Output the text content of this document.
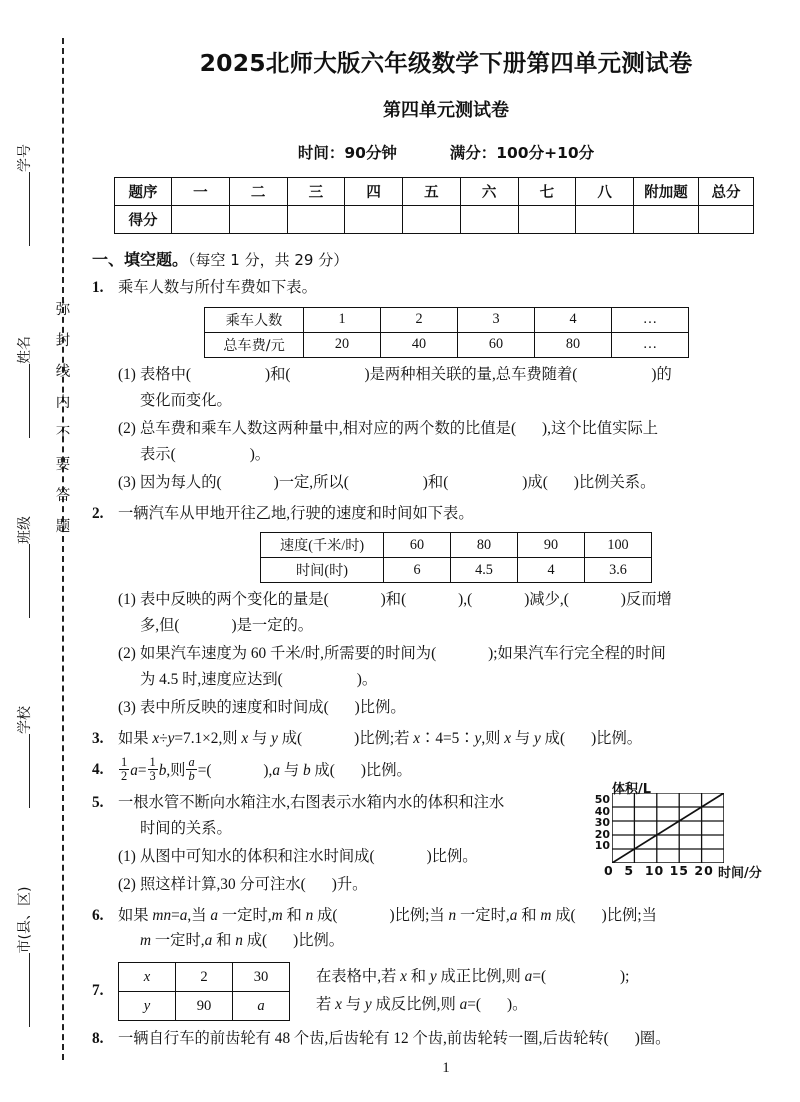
弥
封
线
内
不
要
答
题
学号
姓名
班级
学校
市(县、区)
2025北师大版六年级数学下册第四单元测试卷
第四单元测试卷
时间：90分钟	满分：100分+10分
题序	一	二	三	四	五	六	七	八	附加题	总分
得分										
一、填空题。（每空 1 分，共 29 分）
1. 乘车人数与所付车费如下表。
乘车人数	1	2	3	4	…
总车费/元	20	40	60	80	…
(1) 表格中(	)和(	)是两种相关联的量,总车费随着(	)的
变化而变化。
(2) 总车费和乘车人数这两种量中,相对应的两个数的比值是( ),这个比值实际上
表示(	)。
(3) 因为每人的(	)一定,所以(	)和(	)成( )比例关系。
2. 一辆汽车从甲地开往乙地,行驶的速度和时间如下表。
速度(千米/时)	60	80	90	100
时间(时)	6	4.5	4	3.6
(1) 表中反映的两个变化的量是(	)和(	),(	)减少,(	)反而增
多,但(	)是一定的。
(2) 如果汽车速度为 60 千米/时,所需要的时间为(	);如果汽车行完全程的时间
为 4.5 时,速度应达到(	)。
(3) 表中所反映的速度和时间成( )比例。
3. 如果 x÷y=7.1×2,则 x 与 y 成(	)比例;若 x∶4=5∶y,则 x 与 y 成( )比例。
4. $\frac{1}{2} a= \frac{1}{3} b$,则 $\frac{a}{b}$ =(	),a 与 b 成( )比例。
5. 一根水管不断向水箱注水,右图表示水箱内水的体积和注水
时间的关系。
(1) 从图中可知水的体积和注水时间成(	)比例。
(2) 照这样计算,30 分可注水( )升。
6. 如果 mn=a,当 a 一定时,m 和 n 成(	)比例;当 n 一定时,a 和 m 成( )比例;当
m 一定时,a 和 n 成( )比例。
7.
x	2	30
y	90	a
在表格中,若 x 和 y 成正比例,则 a=(	);
若 x 与 y 成反比例,则 a=( )。
8. 一辆自行车的前齿轮有 48 个齿,后齿轮有 12 个齿,前齿轮转一圈,后齿轮转( )圈。
体积/L
50
40
30
20
10
0 5 10 15 20 时间/分
1
